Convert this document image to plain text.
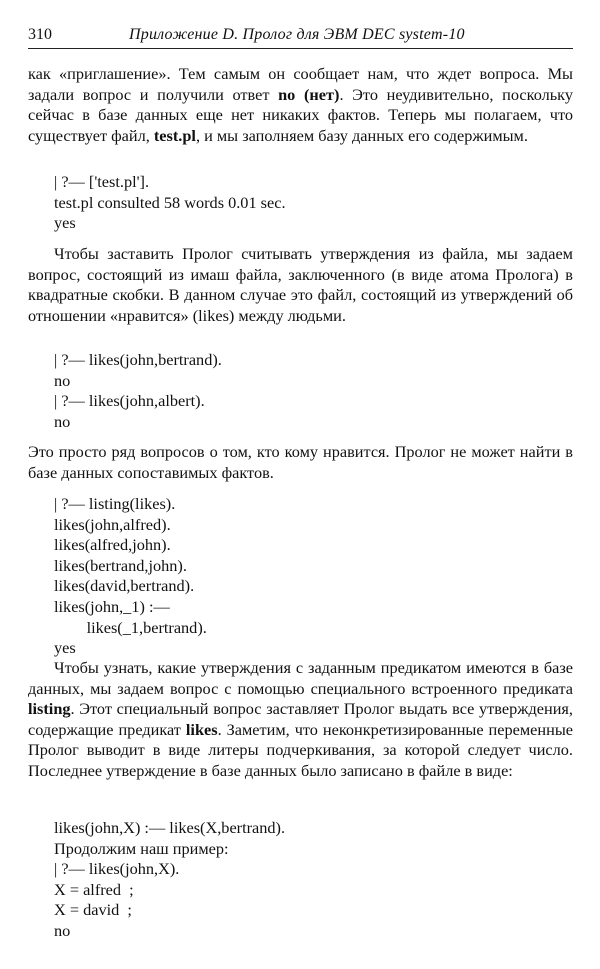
310	Приложение D. Пролог для ЭВМ DEC system-10

как «приглашение». Тем самым он сообщает нам, что ждет вопроса. Мы задали вопрос и получили ответ no (нет). Это неудивительно, поскольку сейчас в базе данных еще нет никаких фактов. Теперь мы полагаем, что существует файл, test.pl, и мы заполняем базу данных его содержимым.

| ?— ['test.pl'].
test.pl consulted 58 words 0.01 sec.
yes

Чтобы заставить Пролог считывать утверждения из файла, мы задаем вопрос, состоящий из имаш файла, заключенного (в виде атома Пролога) в квадратные скобки. В данном случае это файл, состоящий из утверждений об отношении «нравится» (likes) между людьми.

| ?— likes(john,bertrand).
no
| ?— likes(john,albert).
no

Это просто ряд вопросов о том, кто кому нравится. Пролог не может найти в базе данных сопоставимых фактов.

| ?— listing(likes).
likes(john,alfred).
likes(alfred,john).
likes(bertrand,john).
likes(david,bertrand).
likes(john,_1) :—
likes(_1,bertrand).
yes

Чтобы узнать, какие утверждения с заданным предикатом имеются в базе данных, мы задаем вопрос с помощью специального встроенного предиката listing. Этот специальный вопрос заставляет Пролог выдать все утверждения, содержащие предикат likes. Заметим, что неконкретизированные переменные Пролог выводит в виде литеры подчеркивания, за которой следует число. Последнее утверждение в базе данных было записано в файле в виде:

likes(john,X) :— likes(X,bertrand).
Продолжим наш пример:
| ?— likes(john,X).
X = alfred  ;
X = david  ;
no
